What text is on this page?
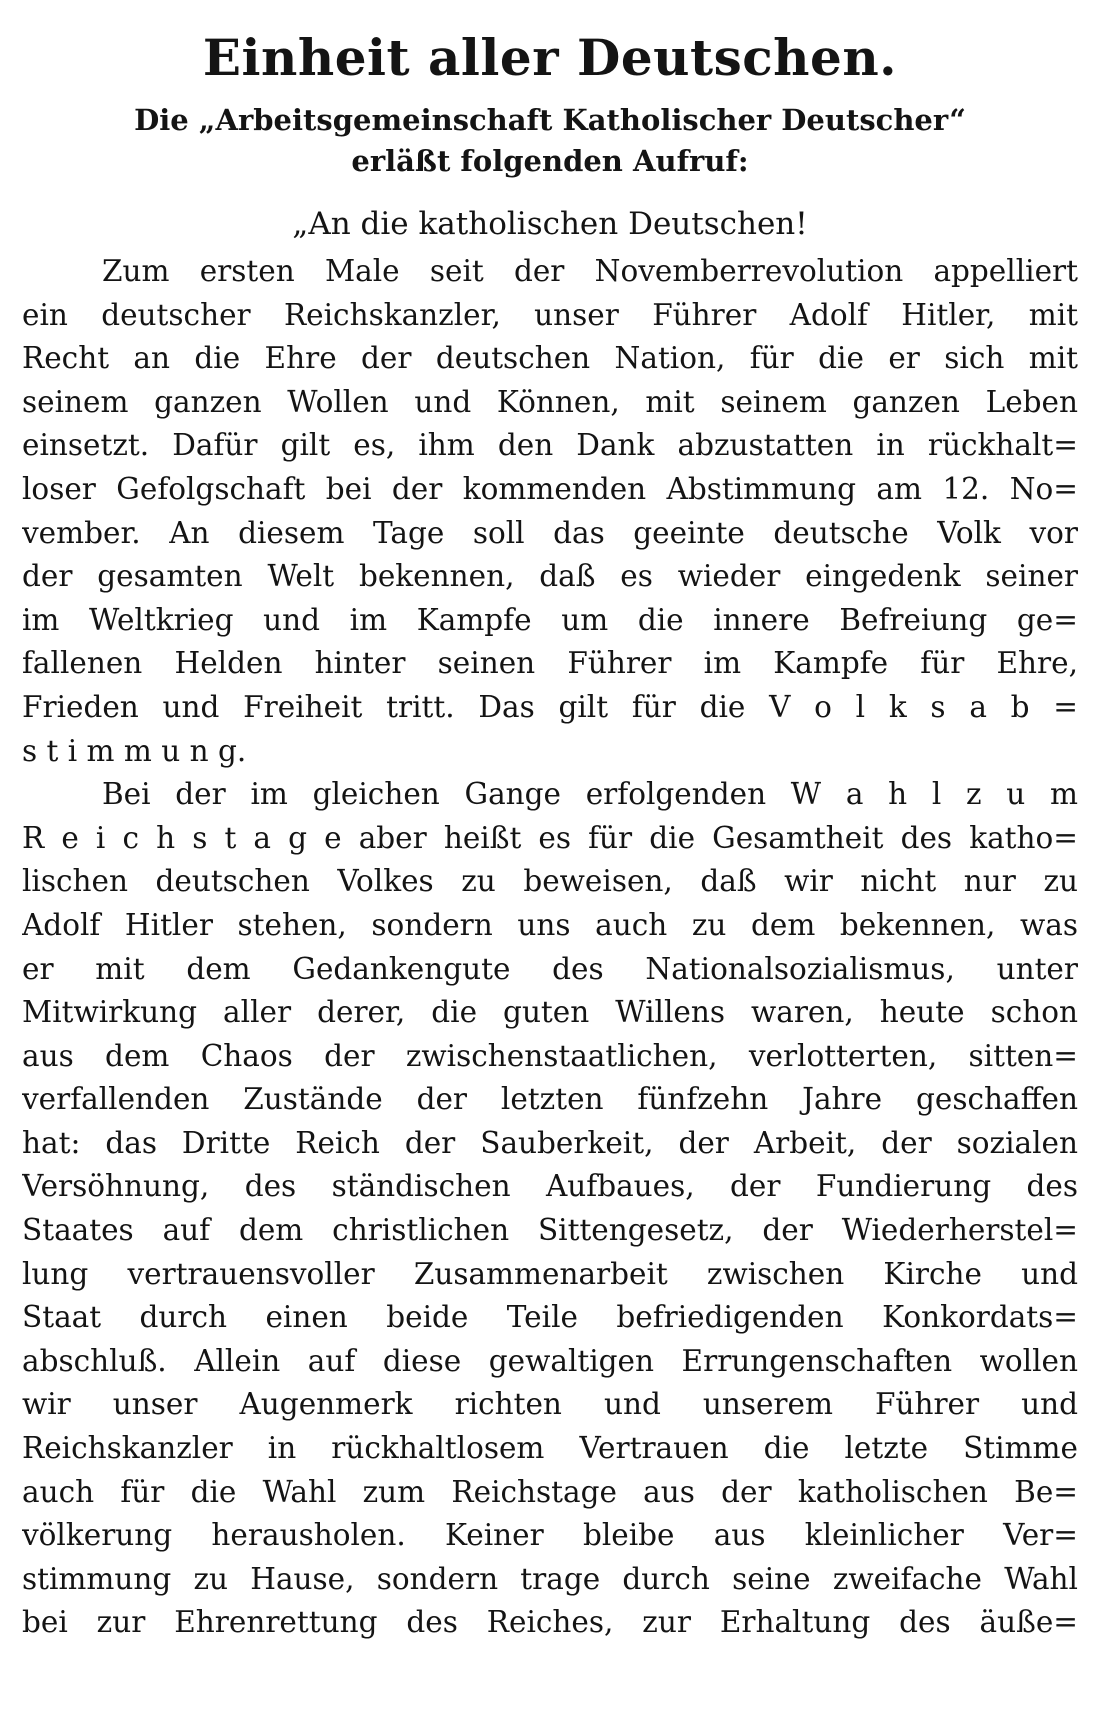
Einheit aller Deutschen.
Die „Arbeitsgemeinschaft Katholischer Deutscher“
erläßt folgenden Aufruf:
„An die katholischen Deutschen!
Zum ersten Male seit der Novemberrevolution appelliert
ein deutscher Reichskanzler, unser Führer Adolf Hitler, mit
Recht an die Ehre der deutschen Nation, für die er sich mit
seinem ganzen Wollen und Können, mit seinem ganzen Leben
einsetzt. Dafür gilt es, ihm den Dank abzustatten in rückhalt=
loser Gefolgschaft bei der kommenden Abstimmung am 12. No=
vember. An diesem Tage soll das geeinte deutsche Volk vor
der gesamten Welt bekennen, daß es wieder eingedenk seiner
im Weltkrieg und im Kampfe um die innere Befreiung ge=
fallenen Helden hinter seinen Führer im Kampfe für Ehre,
Frieden und Freiheit tritt. Das gilt für die V o l k s a b =
s t i m m u n g.
Bei der im gleichen Gange erfolgenden W a h l z u m
R e i c h s t a g e aber heißt es für die Gesamtheit des katho=
lischen deutschen Volkes zu beweisen, daß wir nicht nur zu
Adolf Hitler stehen, sondern uns auch zu dem bekennen, was
er mit dem Gedankengute des Nationalsozialismus, unter
Mitwirkung aller derer, die guten Willens waren, heute schon
aus dem Chaos der zwischenstaatlichen, verlotterten, sitten=
verfallenden Zustände der letzten fünfzehn Jahre geschaffen
hat: das Dritte Reich der Sauberkeit, der Arbeit, der sozialen
Versöhnung, des ständischen Aufbaues, der Fundierung des
Staates auf dem christlichen Sittengesetz, der Wiederherstel=
lung vertrauensvoller Zusammenarbeit zwischen Kirche und
Staat durch einen beide Teile befriedigenden Konkordats=
abschluß. Allein auf diese gewaltigen Errungenschaften wollen
wir unser Augenmerk richten und unserem Führer und
Reichskanzler in rückhaltlosem Vertrauen die letzte Stimme
auch für die Wahl zum Reichstage aus der katholischen Be=
völkerung herausholen. Keiner bleibe aus kleinlicher Ver=
stimmung zu Hause, sondern trage durch seine zweifache Wahl
bei zur Ehrenrettung des Reiches, zur Erhaltung des äuße=
